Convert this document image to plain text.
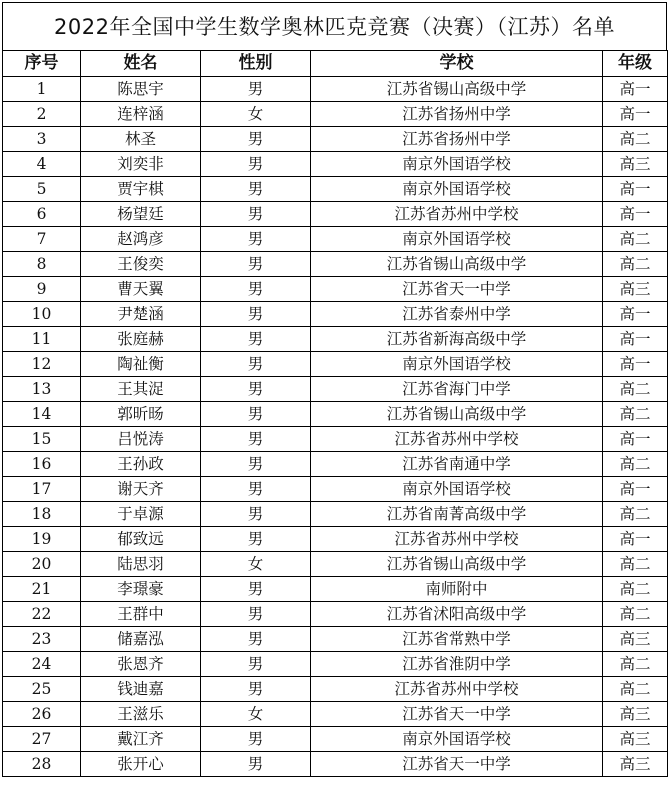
2022年全国中学生数学奥林匹克竞赛（决赛）（江苏）名单
序号	姓名	性别	学校	年级
1	陈思宇	男	江苏省锡山高级中学	高一
2	连梓涵	女	江苏省扬州中学	高一
3	林圣	男	江苏省扬州中学	高二
4	刘奕非	男	南京外国语学校	高三
5	贾宇棋	男	南京外国语学校	高一
6	杨望廷	男	江苏省苏州中学校	高一
7	赵鸿彦	男	南京外国语学校	高二
8	王俊奕	男	江苏省锡山高级中学	高二
9	曹天翼	男	江苏省天一中学	高三
10	尹楚涵	男	江苏省泰州中学	高一
11	张庭赫	男	江苏省新海高级中学	高一
12	陶祉衡	男	南京外国语学校	高一
13	王其浞	男	江苏省海门中学	高二
14	郭昕旸	男	江苏省锡山高级中学	高二
15	吕悦涛	男	江苏省苏州中学校	高一
16	王孙政	男	江苏省南通中学	高二
17	谢天齐	男	南京外国语学校	高一
18	于卓源	男	江苏省南菁高级中学	高二
19	郁致远	男	江苏省苏州中学校	高一
20	陆思羽	女	江苏省锡山高级中学	高二
21	李璟豪	男	南师附中	高二
22	王群中	男	江苏省沭阳高级中学	高二
23	储嘉泓	男	江苏省常熟中学	高三
24	张恩齐	男	江苏省淮阴中学	高二
25	钱迪嘉	男	江苏省苏州中学校	高二
26	王滋乐	女	江苏省天一中学	高三
27	戴江齐	男	南京外国语学校	高三
28	张开心	男	江苏省天一中学	高三
